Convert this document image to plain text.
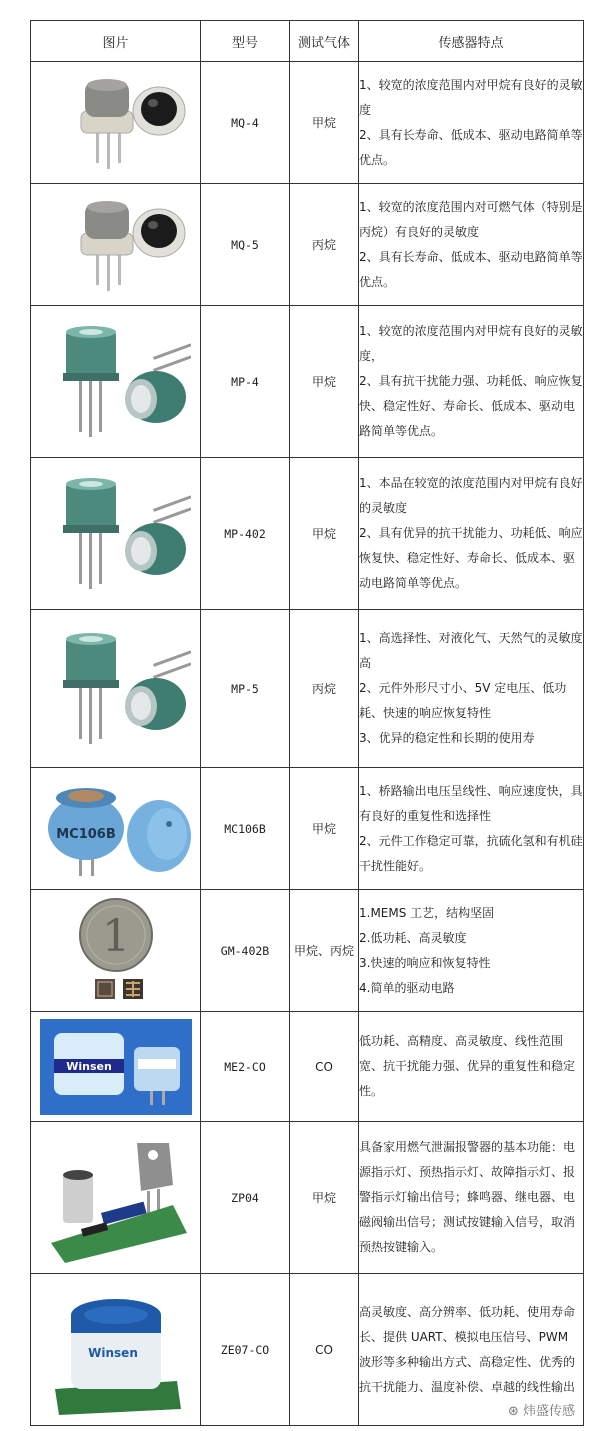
图片	型号	测试气体	传感器特点

	MQ-4	甲烷	1、较宽的浓度范围内对甲烷有良好的灵敏度

2、具有长寿命、低成本、驱动电路简单等优点。

	MQ-5	丙烷	1、较宽的浓度范围内对可燃气体（特别是丙烷）有良好的灵敏度

2、具有长寿命、低成本、驱动电路简单等优点。

	MP-4	甲烷	1、较宽的浓度范围内对甲烷有良好的灵敏度，

2、具有抗干扰能力强、功耗低、响应恢复快、稳定性好、寿命长、低成本、驱动电路简单等优点。

	MP-402	甲烷	1、本品在较宽的浓度范围内对甲烷有良好的灵敏度

2、具有优异的抗干扰能力、功耗低、响应恢复快、稳定性好、寿命长、低成本、驱动电路简单等优点。

	MP-5	丙烷	1、高选择性、对液化气、天然气的灵敏度高

2、元件外形尺寸小、5V 定电压、低功耗、快速的响应恢复特性

3、优异的稳定性和长期的使用寿

MC106B	MC106B	甲烷	1、桥路输出电压呈线性、响应速度快，具有良好的重复性和选择性

2、元件工作稳定可靠，抗硫化氢和有机硅干扰性能好。

1	GM-402B	甲烷、丙烷	1.MEMS 工艺，结构坚固

2.低功耗、高灵敏度

3.快速的响应和恢复特性

4.简单的驱动电路

Winsen	ME2-CO	CO	低功耗、高精度、高灵敏度、线性范围宽、抗干扰能力强、优异的重复性和稳定性。

	ZP04	甲烷	具备家用燃气泄漏报警器的基本功能：电源指示灯、预热指示灯、故障指示灯、报警指示灯输出信号；蜂鸣器、继电器、电磁阀输出信号；测试按键输入信号，取消预热按键输入。

Winsen	ZE07-CO	CO	高灵敏度、高分辨率、低功耗、使用寿命长、提供 UART、模拟电压信号、PWM 波形等多种输出方式、高稳定性、优秀的抗干扰能力、温度补偿、卓越的线性输出

⊛ 炜盛传感
